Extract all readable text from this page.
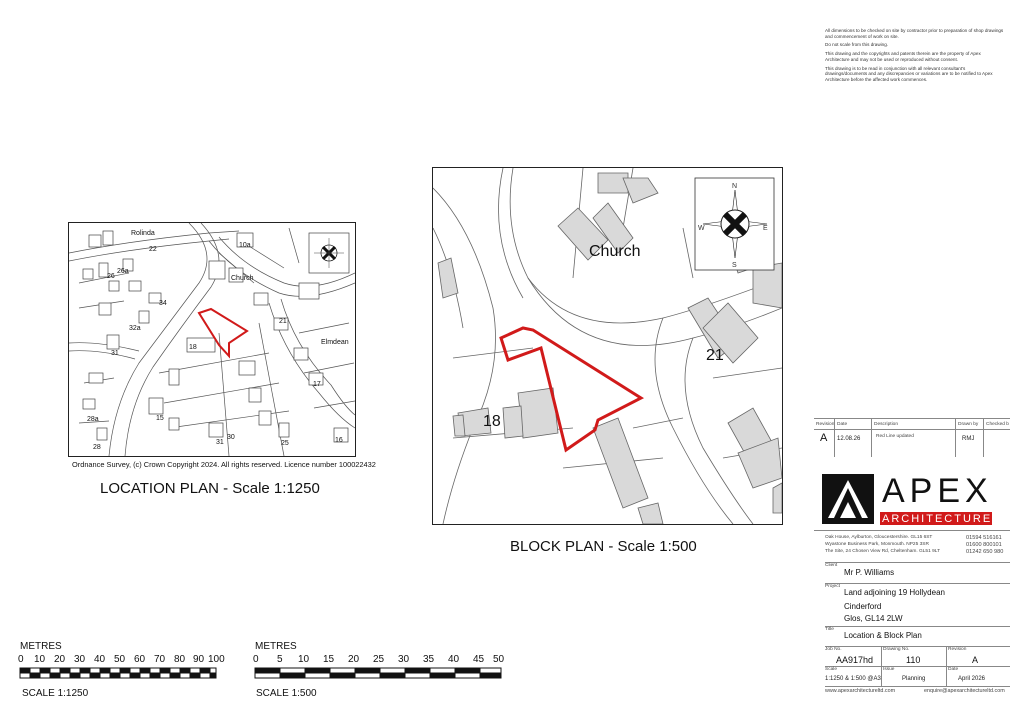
All dimensions to be checked on site by contractor prior to preparation of shop drawings and commencement of work on site.

Do not scale from this drawing.

This drawing and the copyrights and patents therein are the property of Apex Architecture and may not be used or reproduced without consent.

This drawing is to be read in conjunction with all relevant consultant's drawings/documents and any discrepancies or variations are to be notified to Apex Architecture before the affected work commences.

Rolinda
22
10a
Church
26a
26
34
32a
21
18
Elmdean
31
17
28a	15
28
31
30
25	16
Ordnance Survey, (c) Crown Copyright 2024. All rights reserved. Licence number 100022432
LOCATION PLAN - Scale 1:1250
N
S
E
W
Church
21
18
BLOCK PLAN - Scale 1:500
METRES
0 10 20 30 40 50 60 70 80 90 100
SCALE 1:1250
METRES
0 5 10 15 20 25 30 35 40 45 50
SCALE 1:500
Revision Date	Description	Drawn by Checked b
A 12.08.26	Red Line updated	RMJ
APEX
ARCHITECTURE
Oak House, Aylburton, Gloucestershire. GL15 6ST	01594 516161
Wyastone Business Park, Monmouth. NP25 3SR	01600 800101
The Site, 24 Chosen View Rd, Cheltenham. GL51 9LT	01242 650 980
Client
Mr P. Williams
Project
Land adjoining 19 Hollydean
Cinderford
Glos, GL14 2LW
Title
Location & Block Plan
Job No.
AA917hd
Drawing No.
110
Revision
A
Scale
1:1250 & 1:500 @A3
Issue
Planning
Date
April 2026
www.apexarchitectureltd.com	enquire@apexarchitectureltd.com
